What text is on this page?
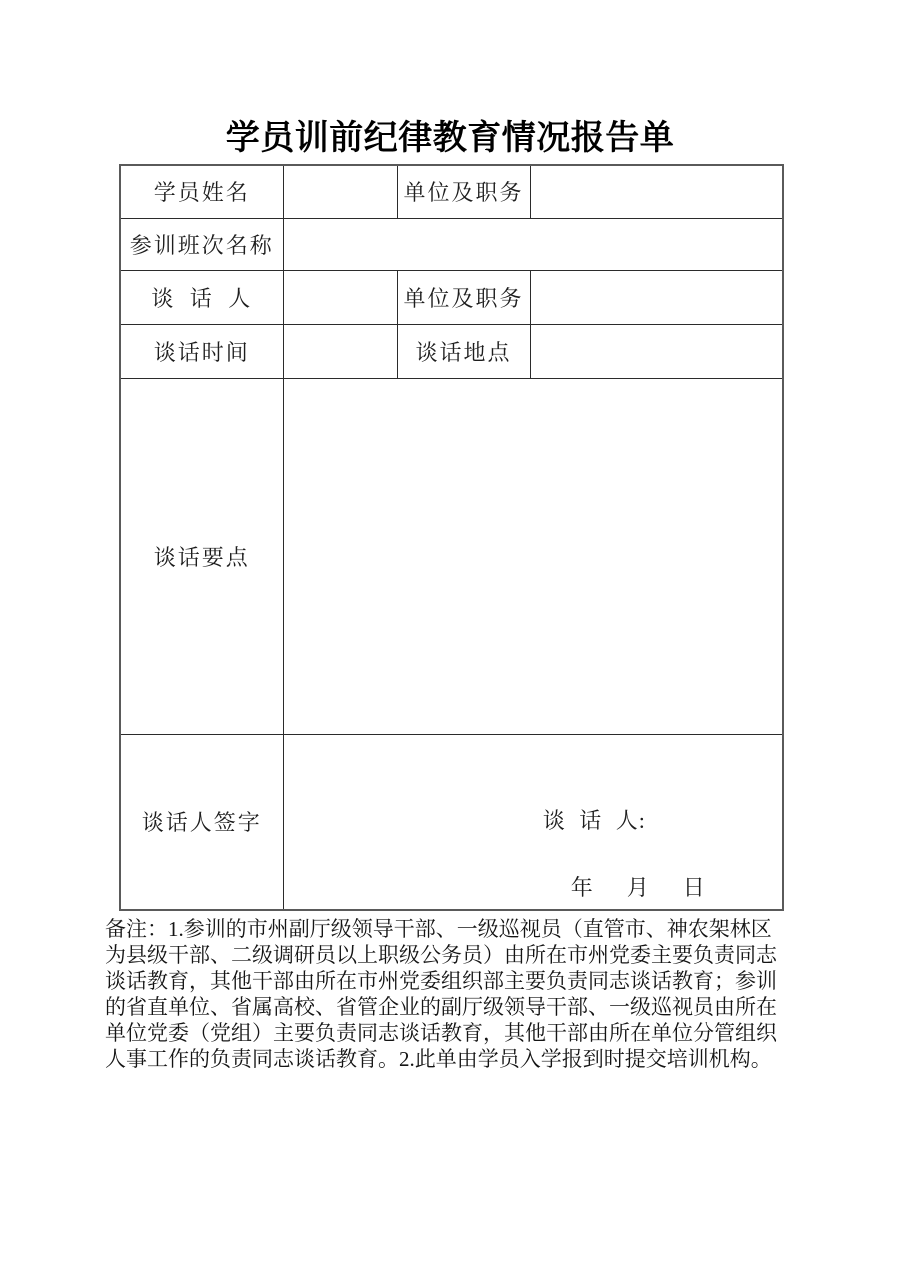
学员训前纪律教育情况报告单
学员姓名		单位及职务	
参训班次名称			
谈 话 人		单位及职务	
谈话时间		谈话地点	
谈话要点			
谈话人签字	谈 话 人:
年　月　日		
备注：1.参训的市州副厅级领导干部、一级巡视员（直管市、神农架林区
为县级干部、二级调研员以上职级公务员）由所在市州党委主要负责同志
谈话教育，其他干部由所在市州党委组织部主要负责同志谈话教育；参训
的省直单位、省属高校、省管企业的副厅级领导干部、一级巡视员由所在
单位党委（党组）主要负责同志谈话教育，其他干部由所在单位分管组织
人事工作的负责同志谈话教育。2.此单由学员入学报到时提交培训机构。
